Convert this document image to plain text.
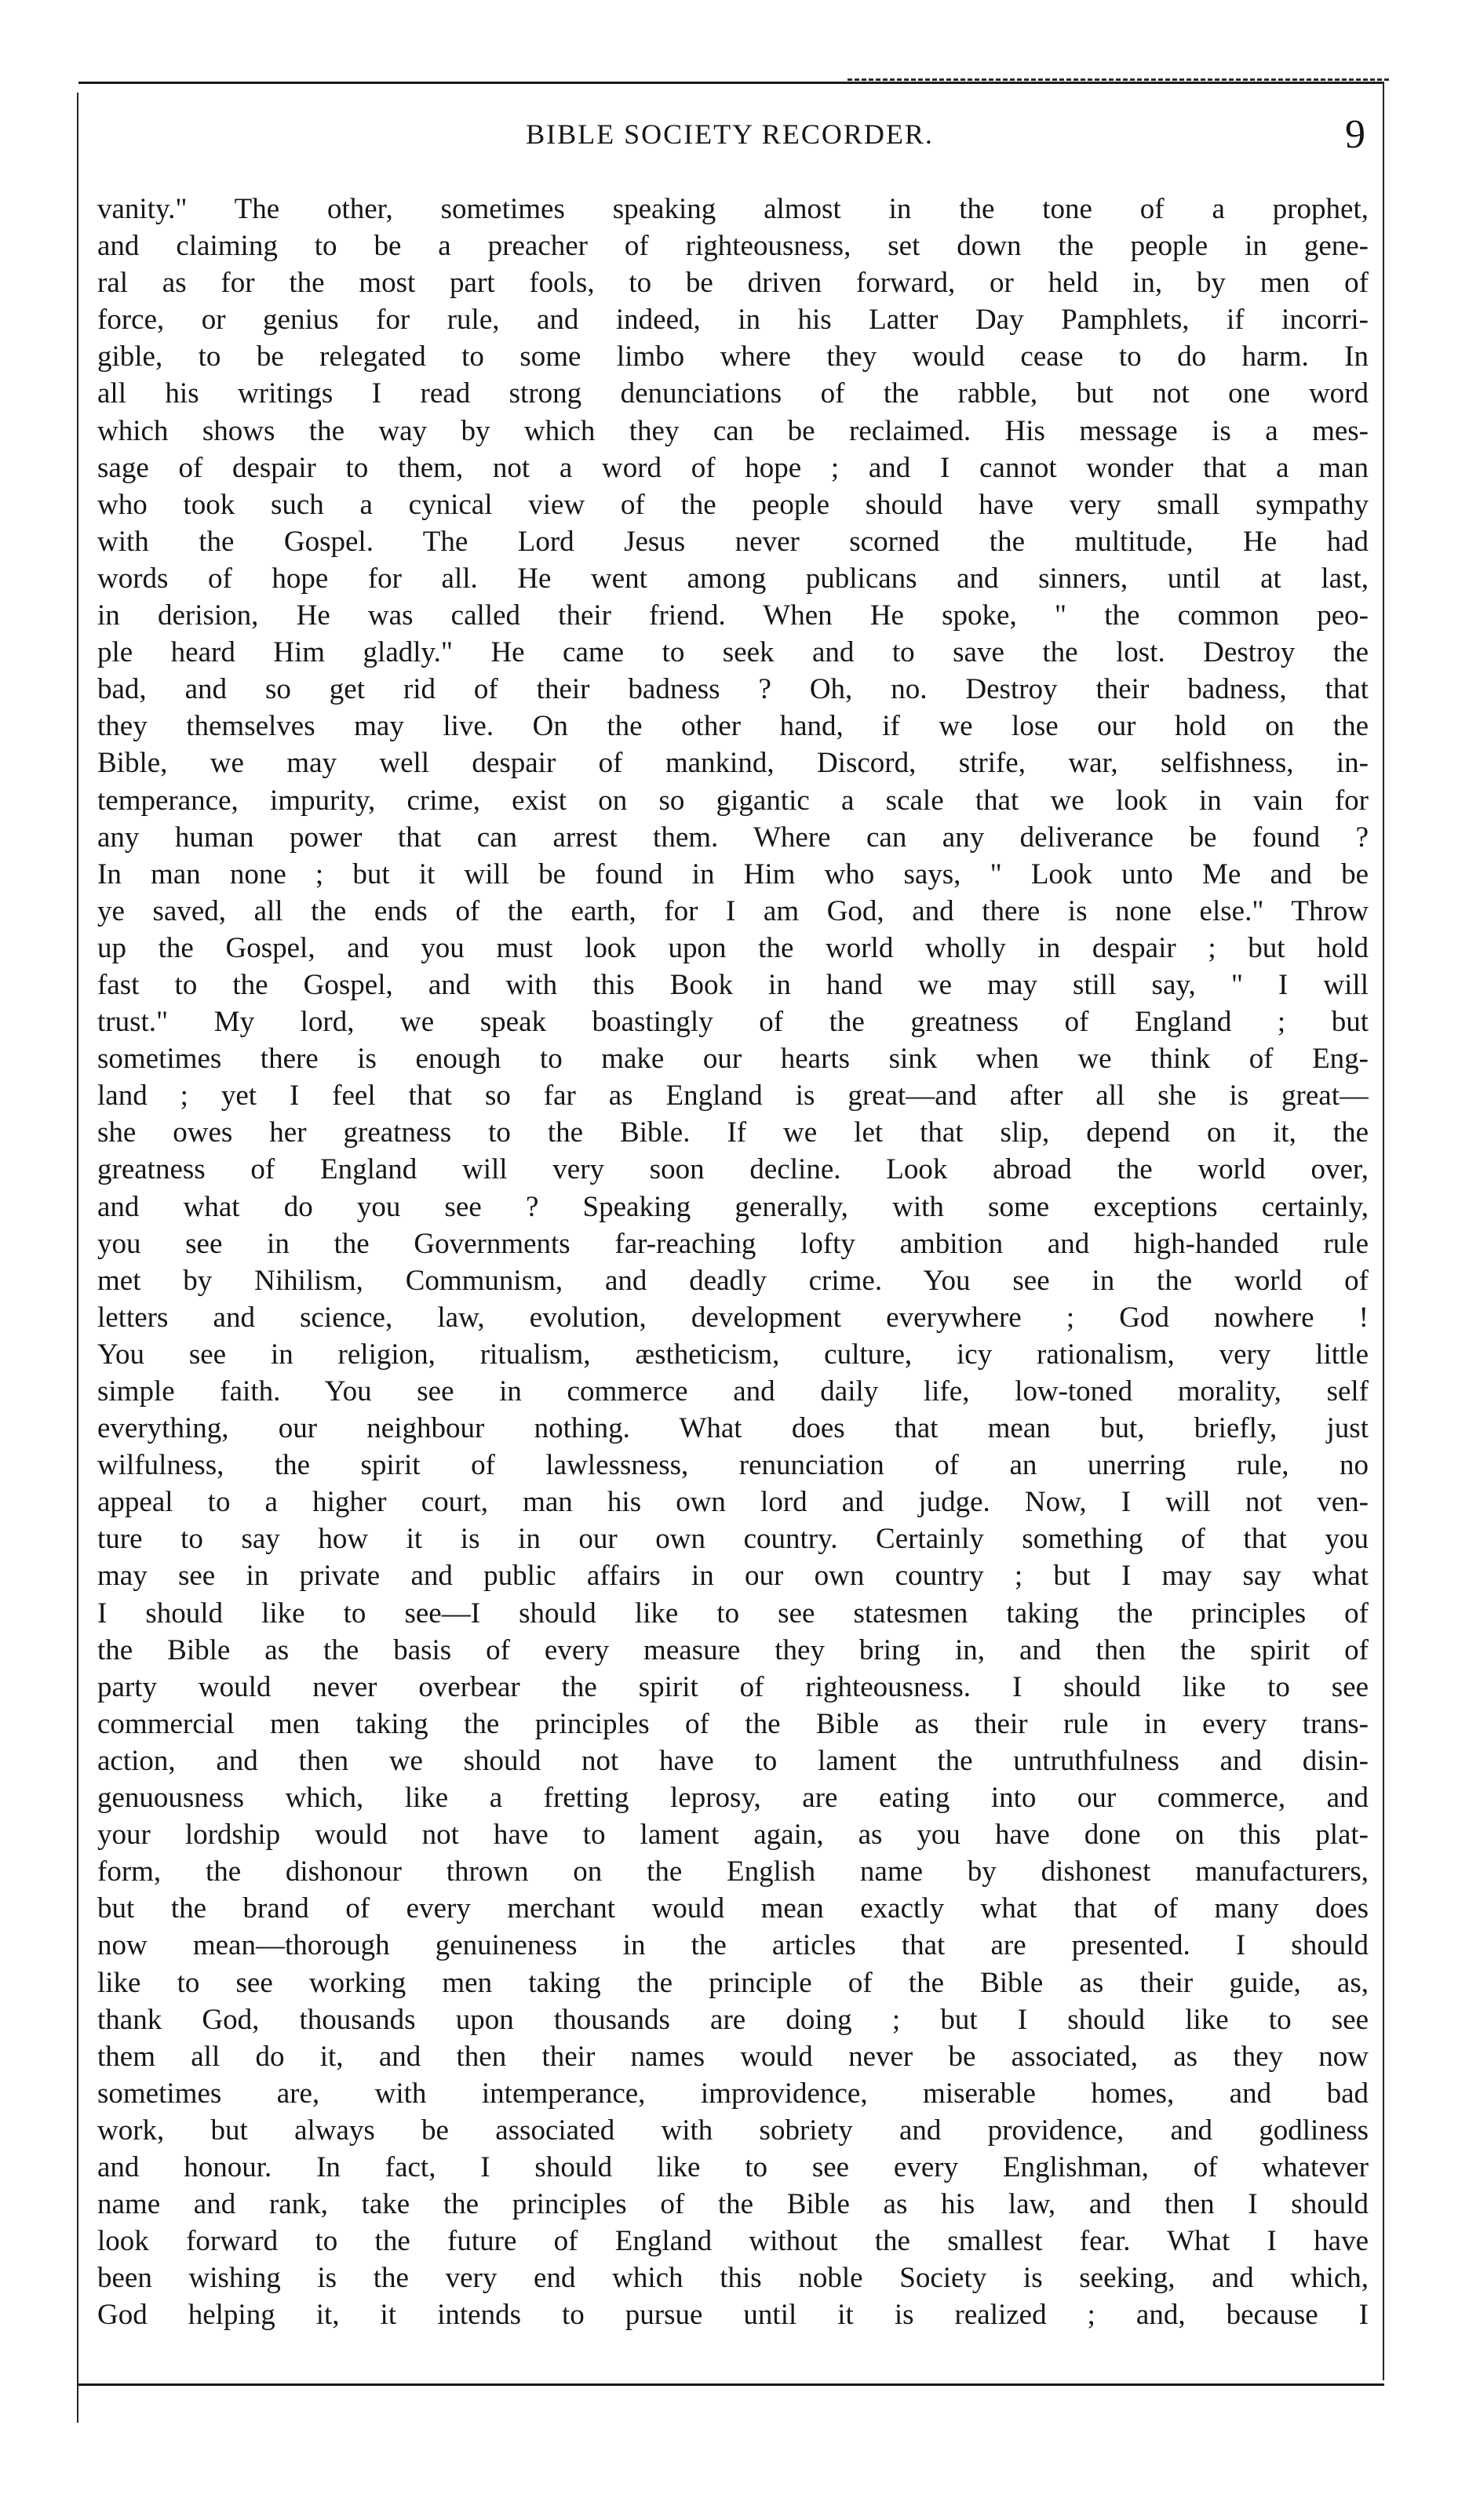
BIBLE SOCIETY RECORDER.	9
vanity." The other, sometimes speaking almost in the tone of a prophet,
and claiming to be a preacher of righteousness, set down the people in gene-
ral as for the most part fools, to be driven forward, or held in, by men of
force, or genius for rule, and indeed, in his Latter Day Pamphlets, if incorri-
gible, to be relegated to some limbo where they would cease to do harm. In
all his writings I read strong denunciations of the rabble, but not one word
which shows the way by which they can be reclaimed. His message is a mes-
sage of despair to them, not a word of hope ; and I cannot wonder that a man
who took such a cynical view of the people should have very small sympathy
with the Gospel. The Lord Jesus never scorned the multitude, He had
words of hope for all. He went among publicans and sinners, until at last,
in derision, He was called their friend. When He spoke, " the common peo-
ple heard Him gladly." He came to seek and to save the lost. Destroy the
bad, and so get rid of their badness ? Oh, no. Destroy their badness, that
they themselves may live. On the other hand, if we lose our hold on the
Bible, we may well despair of mankind, Discord, strife, war, selfishness, in-
temperance, impurity, crime, exist on so gigantic a scale that we look in vain for
any human power that can arrest them. Where can any deliverance be found ?
In man none ; but it will be found in Him who says, " Look unto Me and be
ye saved, all the ends of the earth, for I am God, and there is none else." Throw
up the Gospel, and you must look upon the world wholly in despair ; but hold
fast to the Gospel, and with this Book in hand we may still say, " I will
trust." My lord, we speak boastingly of the greatness of England ; but
sometimes there is enough to make our hearts sink when we think of Eng-
land ; yet I feel that so far as England is great—and after all she is great—
she owes her greatness to the Bible. If we let that slip, depend on it, the
greatness of England will very soon decline. Look abroad the world over,
and what do you see ? Speaking generally, with some exceptions certainly,
you see in the Governments far-reaching lofty ambition and high-handed rule
met by Nihilism, Communism, and deadly crime. You see in the world of
letters and science, law, evolution, development everywhere ; God nowhere !
You see in religion, ritualism, æstheticism, culture, icy rationalism, very little
simple faith. You see in commerce and daily life, low-toned morality, self
everything, our neighbour nothing. What does that mean but, briefly, just
wilfulness, the spirit of lawlessness, renunciation of an unerring rule, no
appeal to a higher court, man his own lord and judge. Now, I will not ven-
ture to say how it is in our own country. Certainly something of that you
may see in private and public affairs in our own country ; but I may say what
I should like to see—I should like to see statesmen taking the principles of
the Bible as the basis of every measure they bring in, and then the spirit of
party would never overbear the spirit of righteousness. I should like to see
commercial men taking the principles of the Bible as their rule in every trans-
action, and then we should not have to lament the untruthfulness and disin-
genuousness which, like a fretting leprosy, are eating into our commerce, and
your lordship would not have to lament again, as you have done on this plat-
form, the dishonour thrown on the English name by dishonest manufacturers,
but the brand of every merchant would mean exactly what that of many does
now mean—thorough genuineness in the articles that are presented. I should
like to see working men taking the principle of the Bible as their guide, as,
thank God, thousands upon thousands are doing ; but I should like to see
them all do it, and then their names would never be associated, as they now
sometimes are, with intemperance, improvidence, miserable homes, and bad
work, but always be associated with sobriety and providence, and godliness
and honour. In fact, I should like to see every Englishman, of whatever
name and rank, take the principles of the Bible as his law, and then I should
look forward to the future of England without the smallest fear. What I have
been wishing is the very end which this noble Society is seeking, and which,
God helping it, it intends to pursue until it is realized ; and, because I
